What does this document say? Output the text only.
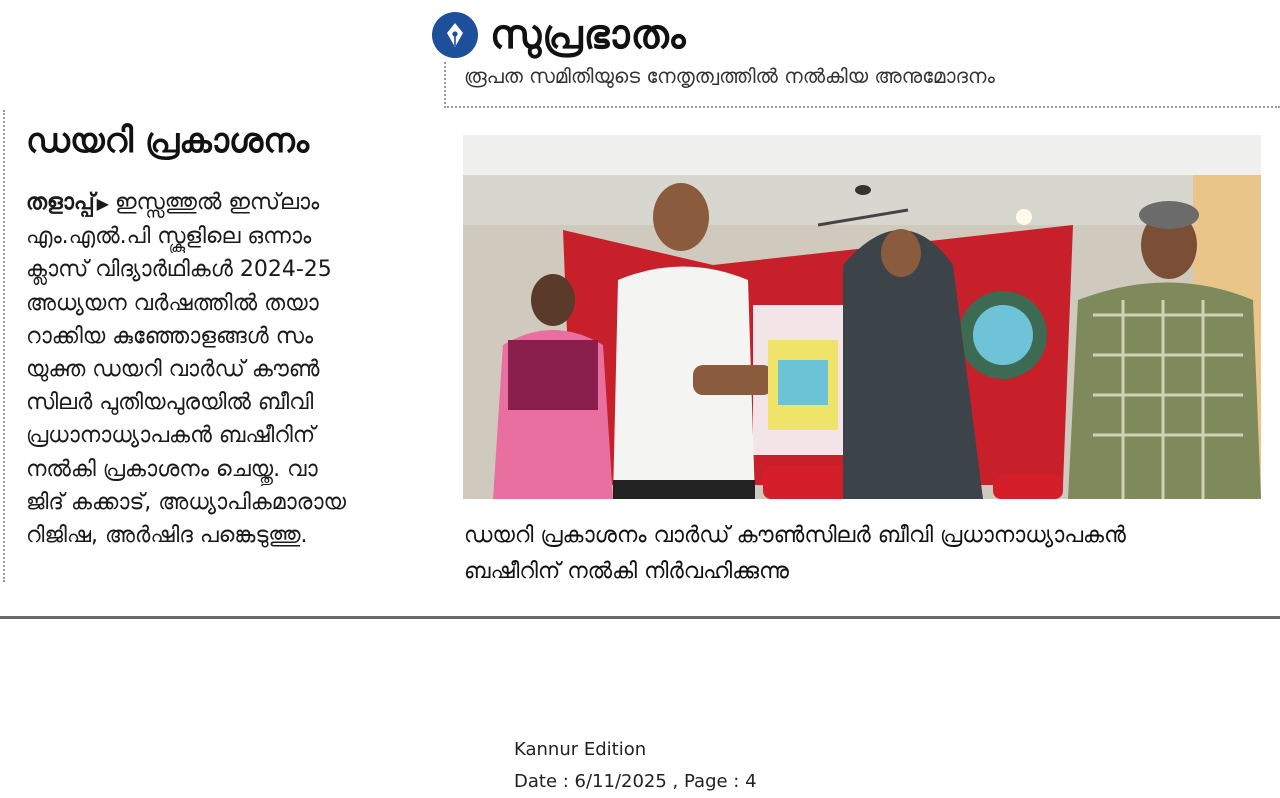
സുപ്രഭാതം
രൂപത സമിതിയുടെ നേതൃത്വത്തിൽ നൽകിയ അനുമോദനം
ഡയറി പ്രകാശനം
തളാപ്പ് ▶ ഇസ്സത്തുൽ ഇസ്‌ലാം
എം.എൽ.പി സ്കൂളിലെ ഒന്നാം
ക്ലാസ് വിദ്യാർഥികൾ 2024-25
അധ്യയന വർഷത്തിൽ തയാ
റാക്കിയ കുഞ്ഞോളങ്ങൾ സം
യുക്ത ഡയറി വാർഡ് കൗൺ
സിലർ പുതിയപുരയിൽ ബീവി
പ്രധാനാധ്യാപകൻ ബഷീറിന്
നൽകി പ്രകാശനം ചെയ്തു. വാ
ജിദ് കക്കാട്, അധ്യാപികമാരായ
റിജിഷ, അർഷിദ പങ്കെടുത്തു.	ഡയറി പ്രകാശനം വാർഡ് കൗൺസിലർ ബീവി പ്രധാനാധ്യാപകൻ
ബഷീറിന് നൽകി നിർവഹിക്കുന്നു
Kannur Edition
Date : 6/11/2025 , Page : 4
